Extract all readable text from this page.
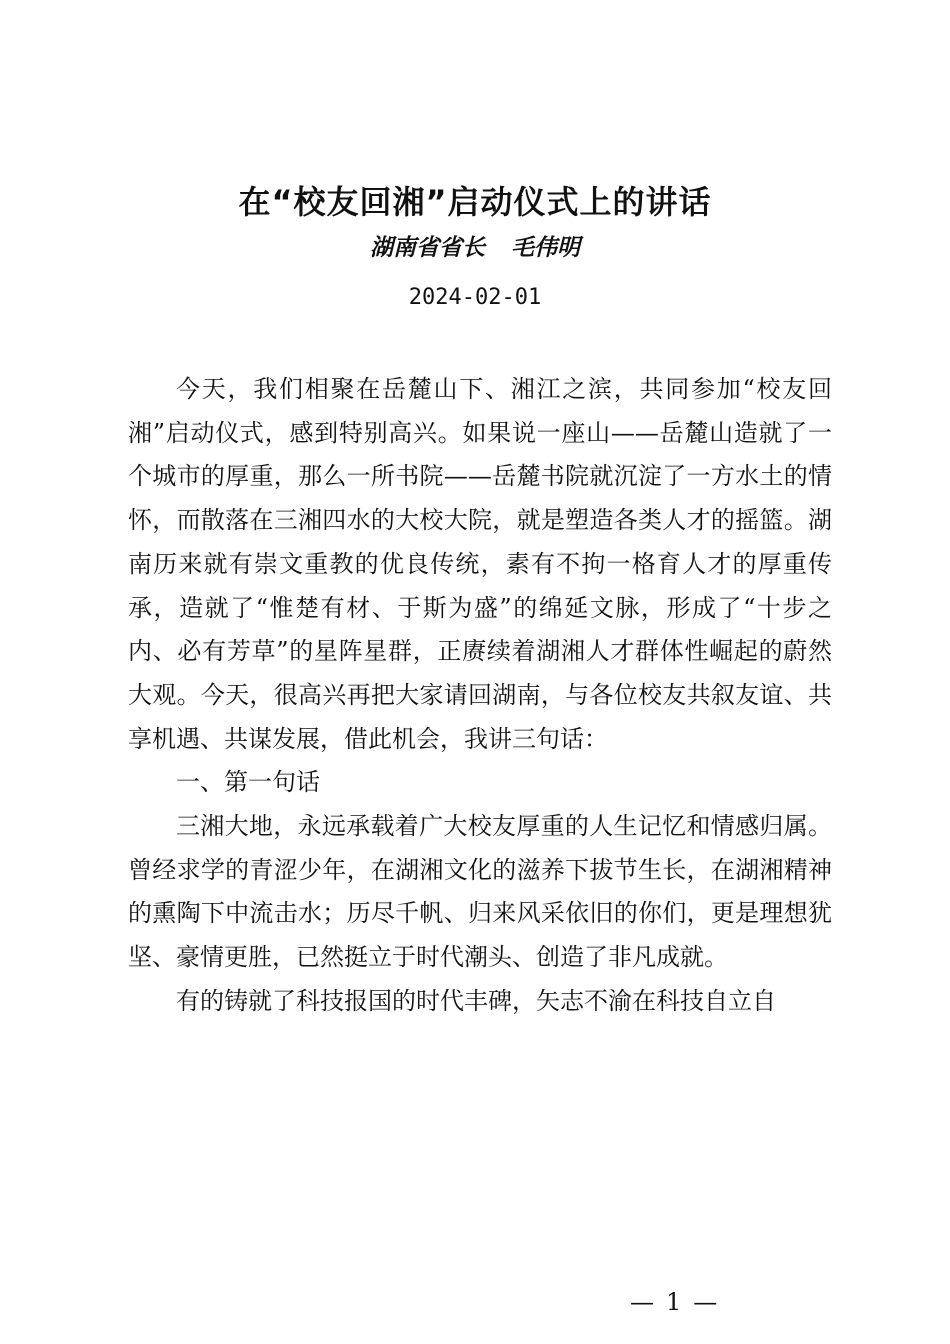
在“校友回湘”启动仪式上的讲话
湖南省省长 毛伟明
2024-02-01

今天，我们相聚在岳麓山下、湘江之滨，共同参加“校友回湘”启动仪式，感到特别高兴。如果说一座山——岳麓山造就了一个城市的厚重，那么一所书院——岳麓书院就沉淀了一方水土的情怀，而散落在三湘四水的大校大院，就是塑造各类人才的摇篮。湖南历来就有崇文重教的优良传统，素有不拘一格育人才的厚重传承，造就了“惟楚有材、于斯为盛”的绵延文脉，形成了“十步之内、必有芳草”的星阵星群，正赓续着湖湘人才群体性崛起的蔚然大观。今天，很高兴再把大家请回湖南，与各位校友共叙友谊、共享机遇、共谋发展，借此机会，我讲三句话：

一、第一句话

三湘大地，永远承载着广大校友厚重的人生记忆和情感归属。曾经求学的青涩少年，在湖湘文化的滋养下拔节生长，在湖湘精神的熏陶下中流击水；历尽千帆、归来风采依旧的你们，更是理想犹坚、豪情更胜，已然挺立于时代潮头、创造了非凡成就。

有的铸就了科技报国的时代丰碑，矢志不渝在科技自立自

— 1 —
